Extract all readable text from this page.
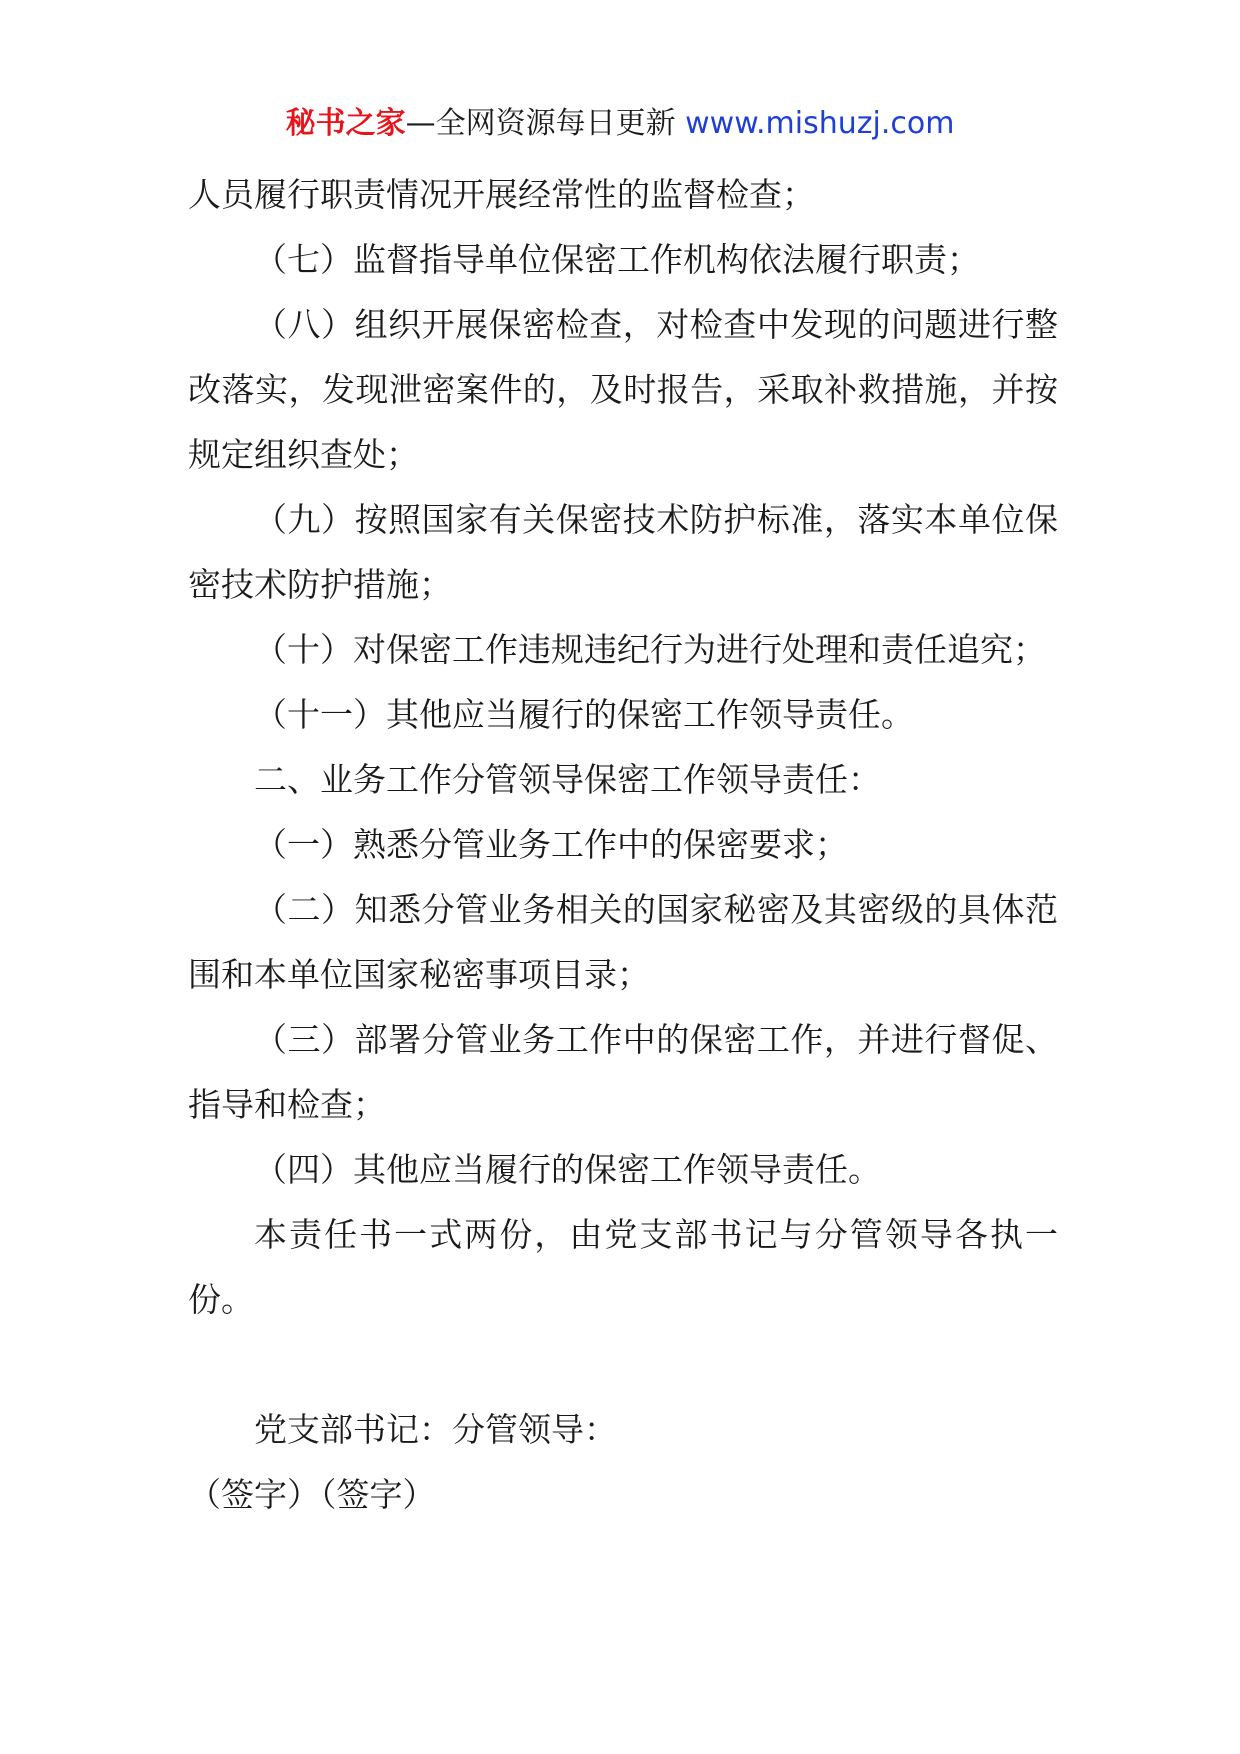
秘书之家—全网资源每日更新 www.mishuzj.com

人员履行职责情况开展经常性的监督检查；

（七）监督指导单位保密工作机构依法履行职责；

（八）组织开展保密检查，对检查中发现的问题进行整改落实，发现泄密案件的，及时报告，采取补救措施，并按规定组织查处；

（九）按照国家有关保密技术防护标准，落实本单位保密技术防护措施；

（十）对保密工作违规违纪行为进行处理和责任追究；

（十一）其他应当履行的保密工作领导责任。

二、业务工作分管领导保密工作领导责任：

（一）熟悉分管业务工作中的保密要求；

（二）知悉分管业务相关的国家秘密及其密级的具体范围和本单位国家秘密事项目录；

（三）部署分管业务工作中的保密工作，并进行督促、指导和检查；

（四）其他应当履行的保密工作领导责任。

本责任书一式两份，由党支部书记与分管领导各执一份。

党支部书记：分管领导：

（签字）（签字）
